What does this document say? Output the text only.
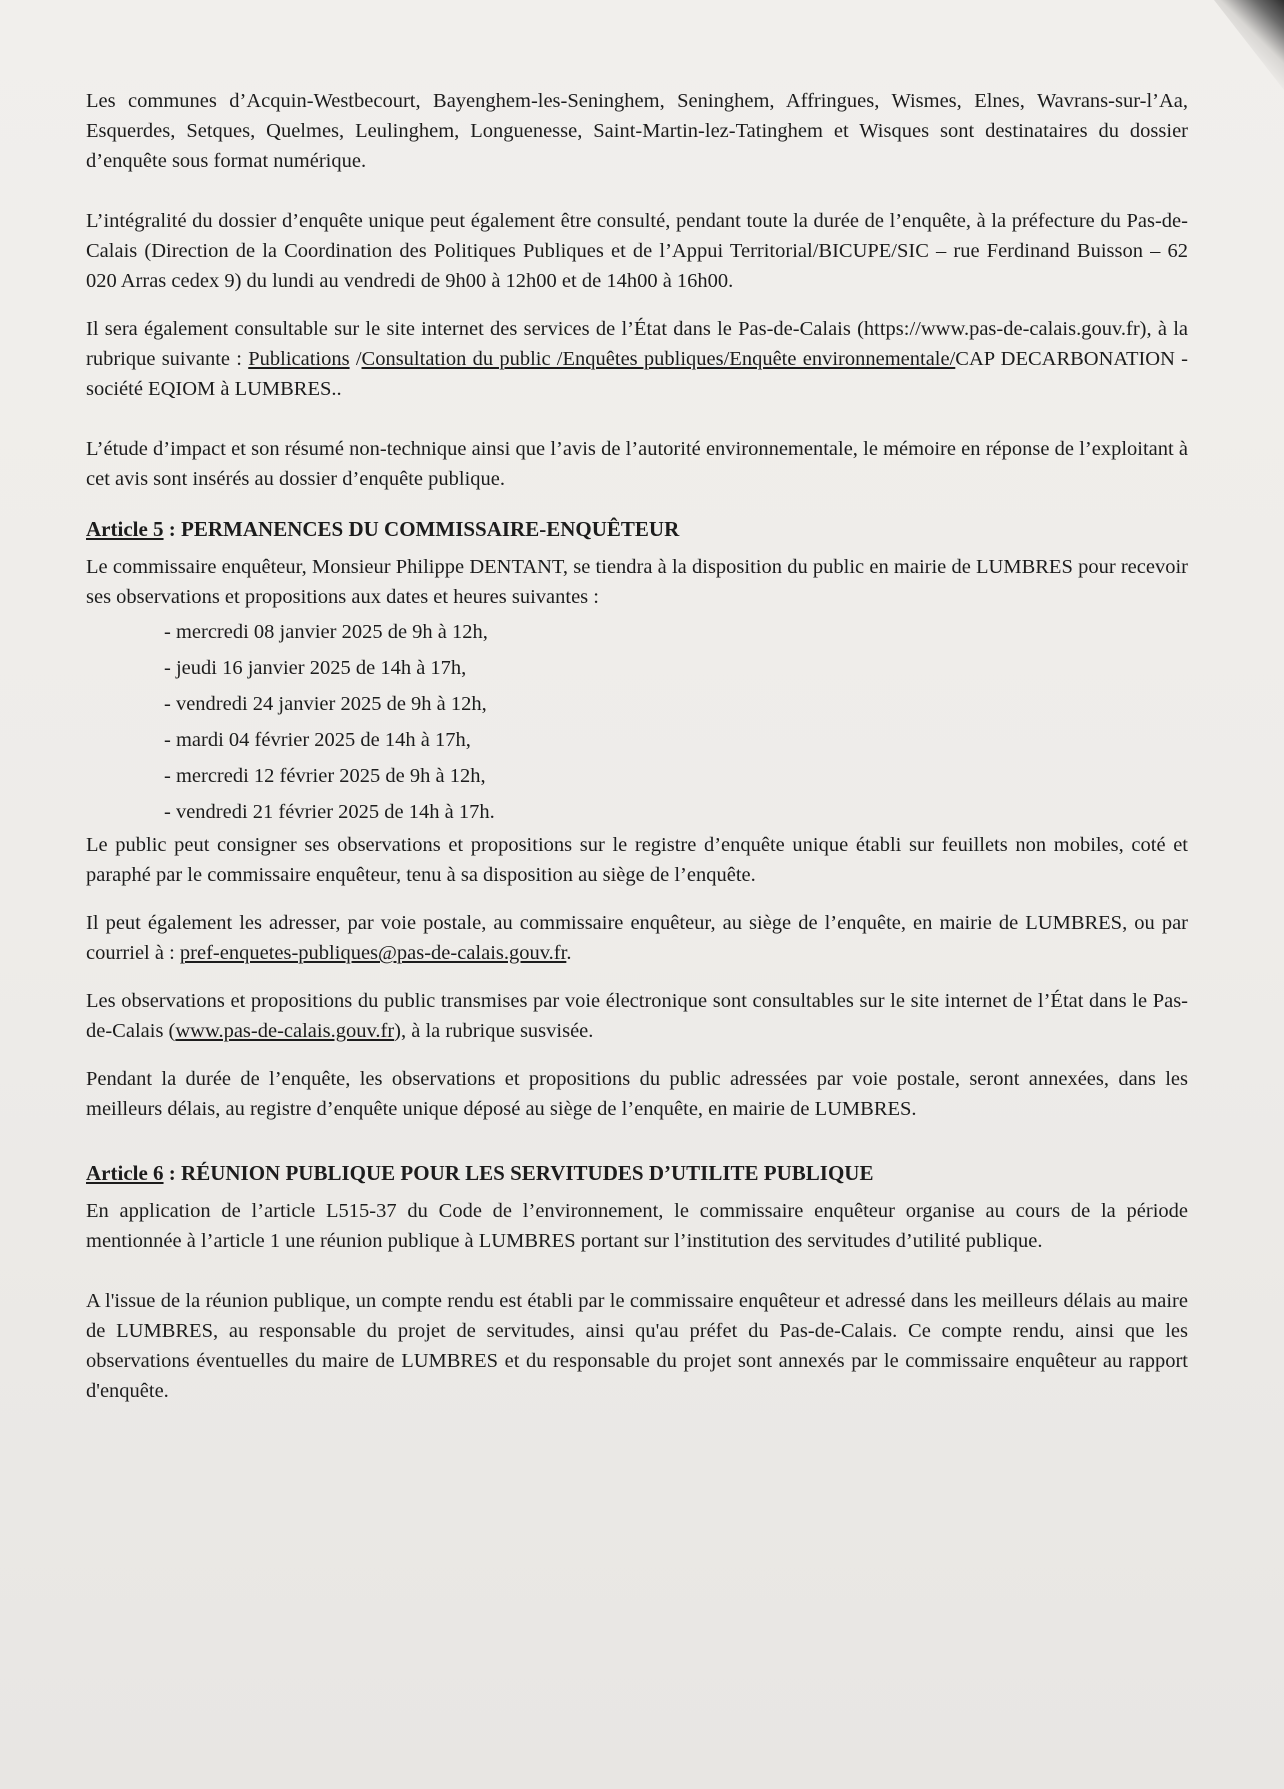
Les communes d’Acquin-Westbecourt, Bayenghem-les-Seninghem, Seninghem, Affringues, Wismes, Elnes, Wavrans-sur-l’Aa, Esquerdes, Setques, Quelmes, Leulinghem, Longuenesse, Saint-Martin-lez-Tatinghem et Wisques sont destinataires du dossier d’enquête sous format numérique.

L’intégralité du dossier d’enquête unique peut également être consulté, pendant toute la durée de l’enquête, à la préfecture du Pas-de-Calais (Direction de la Coordination des Politiques Publiques et de l’Appui Territorial/BICUPE/SIC – rue Ferdinand Buisson – 62 020 Arras cedex 9) du lundi au vendredi de 9h00 à 12h00 et de 14h00 à 16h00.

Il sera également consultable sur le site internet des services de l’État dans le Pas-de-Calais (https://www.pas-de-calais.gouv.fr), à la rubrique suivante : Publications /Consultation du public /Enquêtes publiques/Enquête environnementale/CAP DECARBONATION - société EQIOM à LUMBRES..

L’étude d’impact et son résumé non-technique ainsi que l’avis de l’autorité environnementale, le mémoire en réponse de l’exploitant à cet avis sont insérés au dossier d’enquête publique.

Article 5 : PERMANENCES DU COMMISSAIRE-ENQUÊTEUR

Le commissaire enquêteur, Monsieur Philippe DENTANT, se tiendra à la disposition du public en mairie de LUMBRES pour recevoir ses observations et propositions aux dates et heures suivantes :

- mercredi 08 janvier 2025 de 9h à 12h,
- jeudi 16 janvier 2025 de 14h à 17h,
- vendredi 24 janvier 2025 de 9h à 12h,
- mardi 04 février 2025 de 14h à 17h,
- mercredi 12 février 2025 de 9h à 12h,
- vendredi 21 février 2025 de 14h à 17h.

Le public peut consigner ses observations et propositions sur le registre d’enquête unique établi sur feuillets non mobiles, coté et paraphé par le commissaire enquêteur, tenu à sa disposition au siège de l’enquête.

Il peut également les adresser, par voie postale, au commissaire enquêteur, au siège de l’enquête, en mairie de LUMBRES, ou par courriel à : pref-enquetes-publiques@pas-de-calais.gouv.fr.

Les observations et propositions du public transmises par voie électronique sont consultables sur le site internet de l’État dans le Pas-de-Calais (www.pas-de-calais.gouv.fr), à la rubrique susvisée.

Pendant la durée de l’enquête, les observations et propositions du public adressées par voie postale, seront annexées, dans les meilleurs délais, au registre d’enquête unique déposé au siège de l’enquête, en mairie de LUMBRES.

Article 6 : RÉUNION PUBLIQUE POUR LES SERVITUDES D’UTILITE PUBLIQUE

En application de l’article L515-37 du Code de l’environnement, le commissaire enquêteur organise au cours de la période mentionnée à l’article 1 une réunion publique à LUMBRES portant sur l’institution des servitudes d’utilité publique.

A l'issue de la réunion publique, un compte rendu est établi par le commissaire enquêteur et adressé dans les meilleurs délais au maire de LUMBRES, au responsable du projet de servitudes, ainsi qu'au préfet du Pas-de-Calais. Ce compte rendu, ainsi que les observations éventuelles du maire de LUMBRES et du responsable du projet sont annexés par le commissaire enquêteur au rapport d'enquête.
